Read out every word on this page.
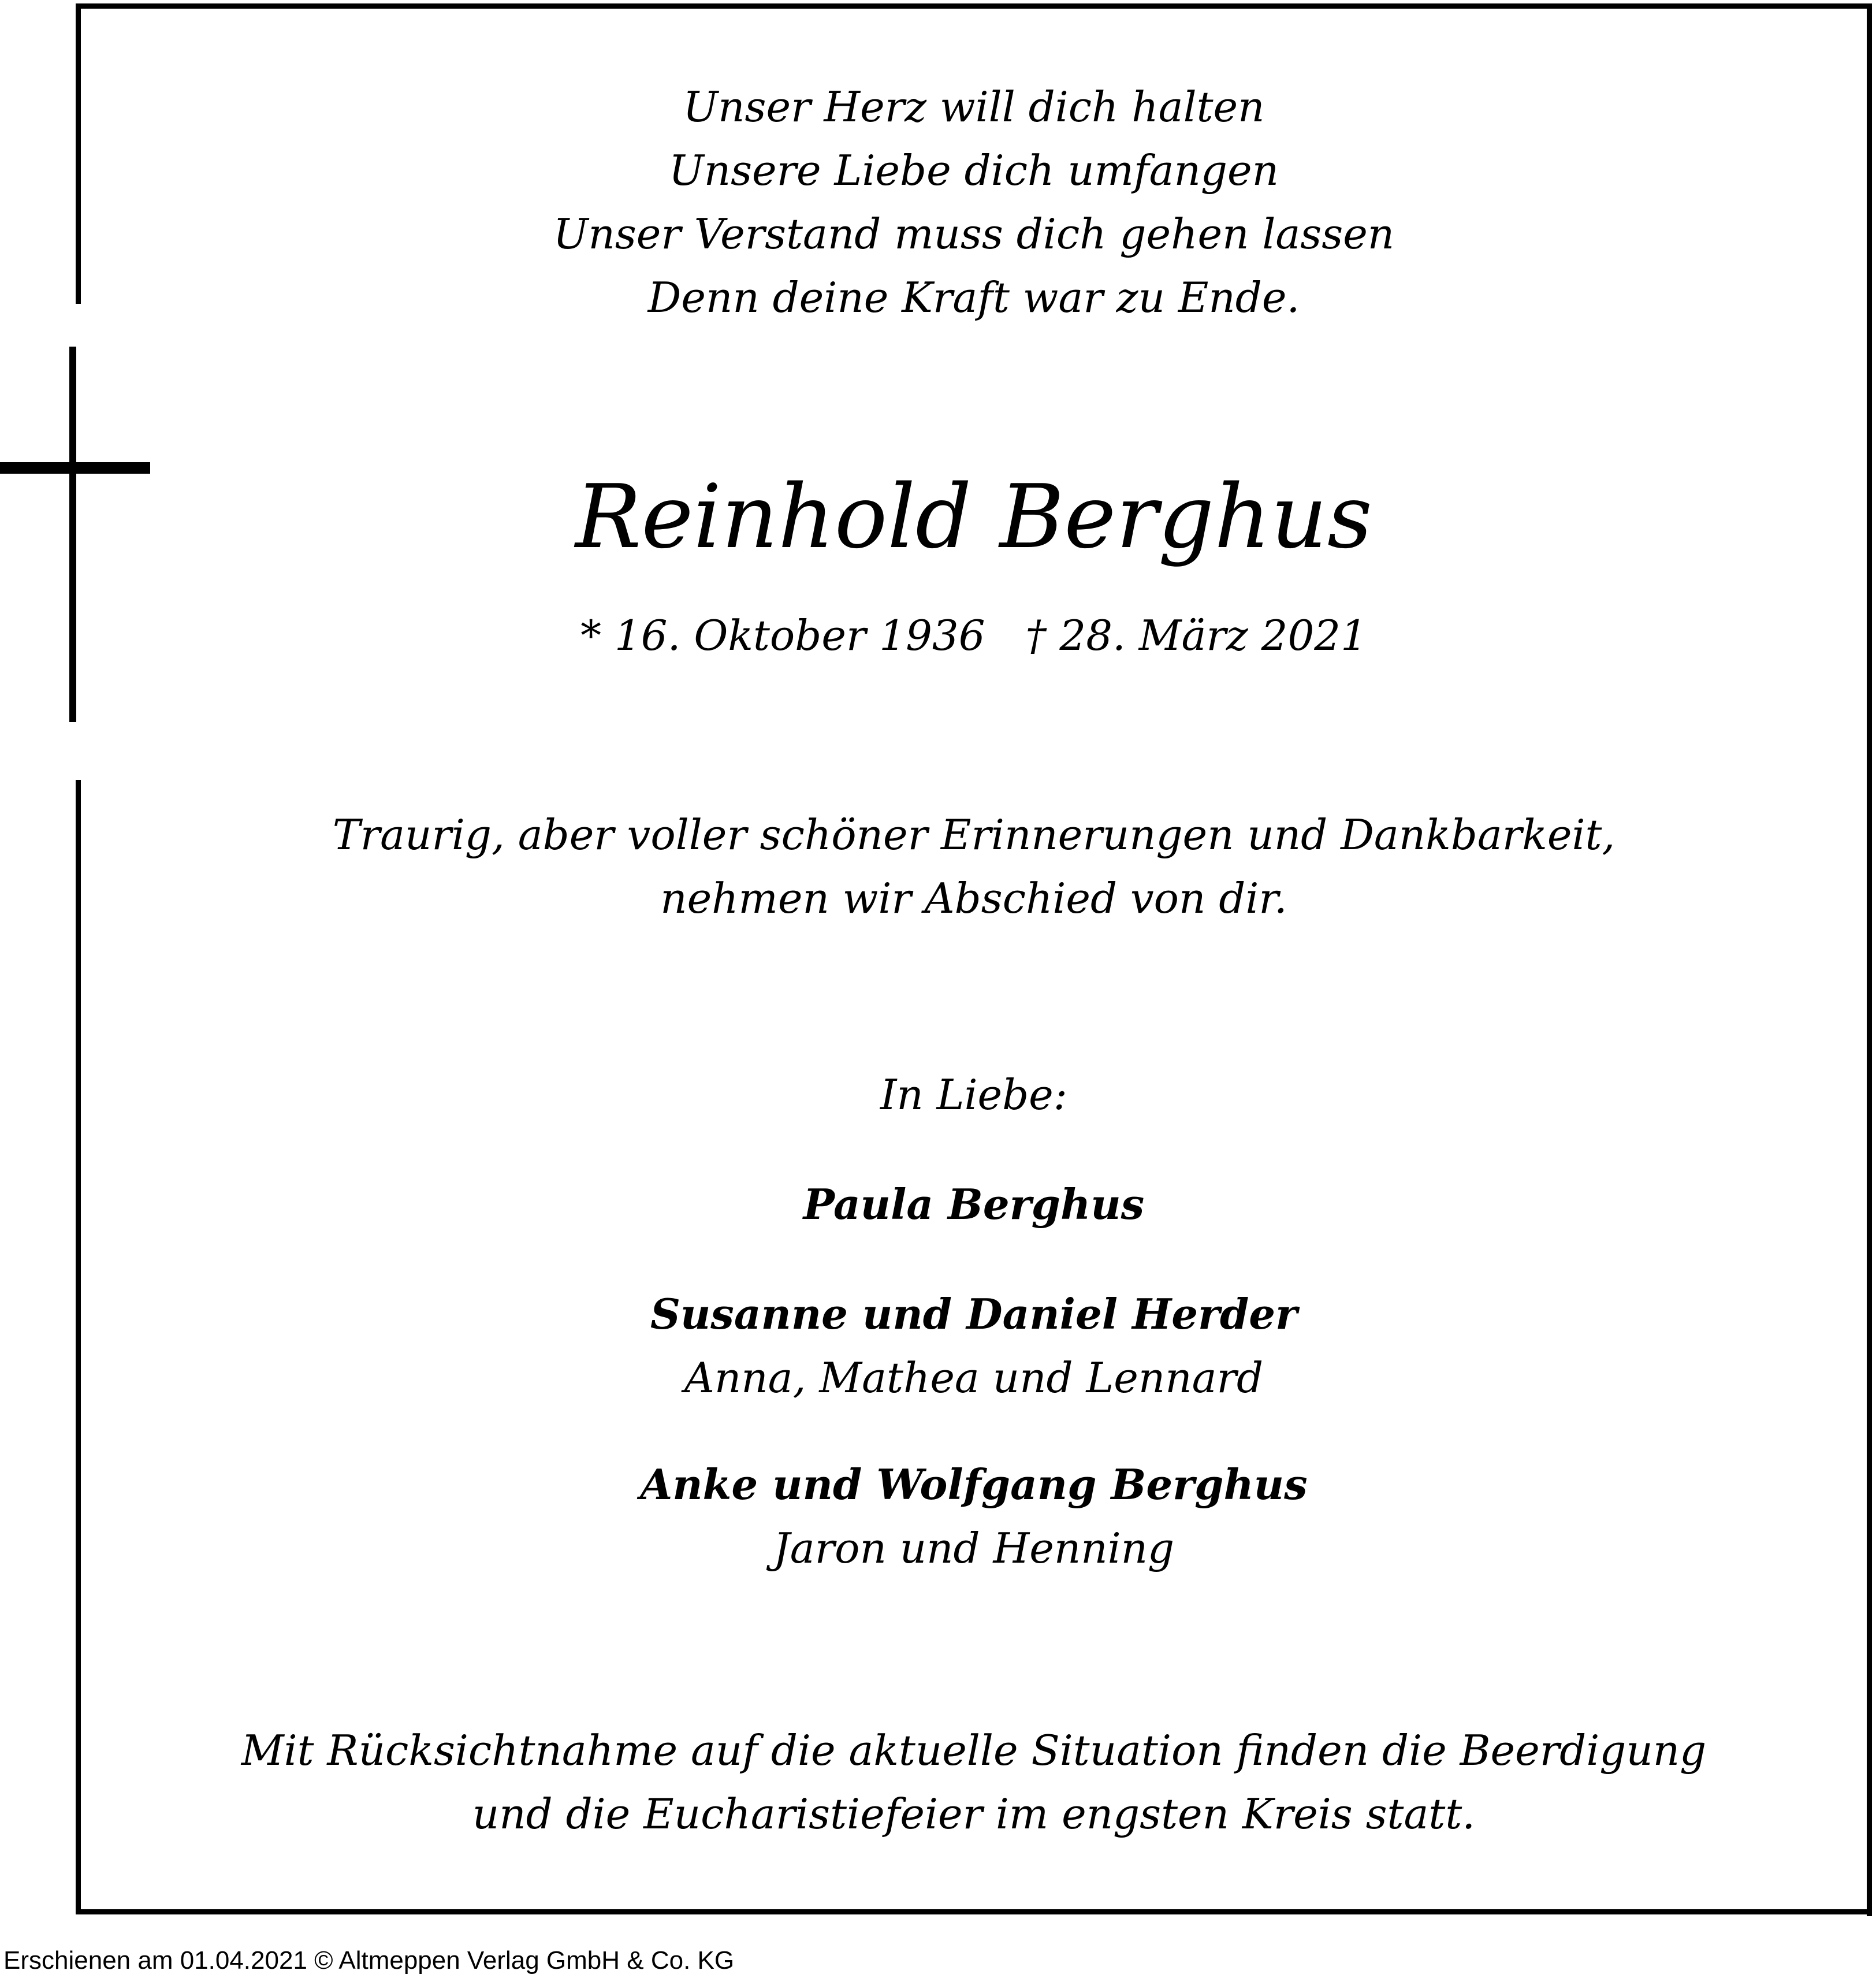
Unser Herz will dich halten
Unsere Liebe dich umfangen
Unser Verstand muss dich gehen lassen
Denn deine Kraft war zu Ende.
Reinhold Berghus
* 16. Oktober 1936 † 28. März 2021
Traurig, aber voller schöner Erinnerungen und Dankbarkeit,
nehmen wir Abschied von dir.
In Liebe:
Paula Berghus
Susanne und Daniel Herder
Anna, Mathea und Lennard
Anke und Wolfgang Berghus
Jaron und Henning
Mit Rücksichtnahme auf die aktuelle Situation finden die Beerdigung
und die Eucharistiefeier im engsten Kreis statt.
Erschienen am 01.04.2021 © Altmeppen Verlag GmbH & Co. KG
